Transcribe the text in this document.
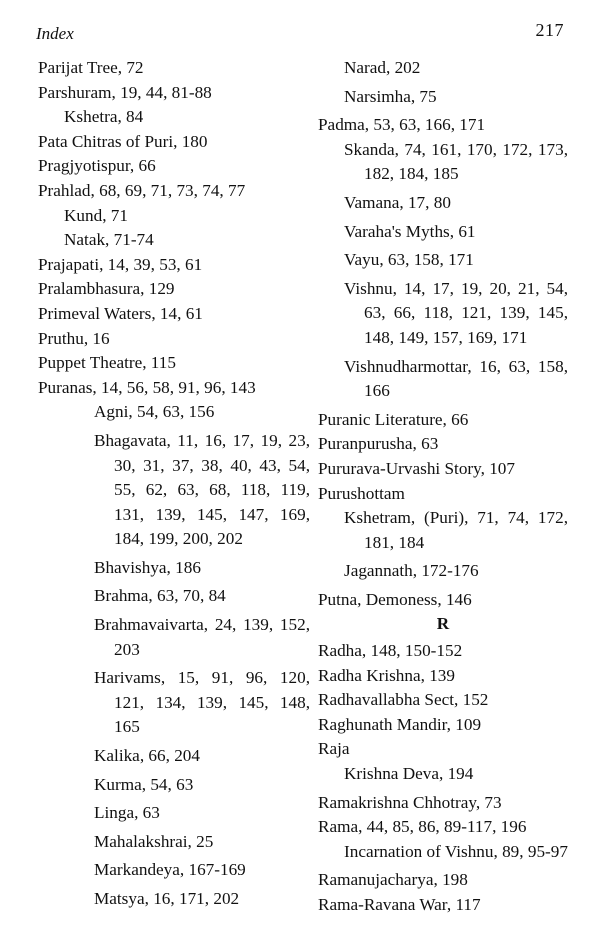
Index	217
Parijat Tree, 72
Parshuram, 19, 44, 81-88
Kshetra, 84
Pata Chitras of Puri, 180
Pragjyotispur, 66
Prahlad, 68, 69, 71, 73, 74, 77
Kund, 71
Natak, 71-74
Prajapati, 14, 39, 53, 61
Pralambhasura, 129
Primeval Waters, 14, 61
Pruthu, 16
Puppet Theatre, 115
Puranas, 14, 56, 58, 91, 96, 143
Agni, 54, 63, 156
Bhagavata, 11, 16, 17, 19, 23, 30, 31, 37, 38, 40, 43, 54, 55, 62, 63, 68, 118, 119, 131, 139, 145, 147, 169, 184, 199, 200, 202
Bhavishya, 186
Brahma, 63, 70, 84
Brahmavaivarta, 24, 139, 152, 203
Harivams, 15, 91, 96, 120, 121, 134, 139, 145, 148, 165
Kalika, 66, 204
Kurma, 54, 63
Linga, 63
Mahalakshrai, 25
Markandeya, 167-169
Matsya, 16, 171, 202
Narad, 202
Narsimha, 75
Padma, 53, 63, 166, 171
Skanda, 74, 161, 170, 172, 173, 182, 184, 185
Vamana, 17, 80
Varaha's Myths, 61
Vayu, 63, 158, 171
Vishnu, 14, 17, 19, 20, 21, 54, 63, 66, 118, 121, 139, 145, 148, 149, 157, 169, 171
Vishnudharmottar, 16, 63, 158, 166
Puranic Literature, 66
Puranpurusha, 63
Pururava-Urvashi Story, 107
Purushottam
Kshetram, (Puri), 71, 74, 172, 181, 184
Jagannath, 172-176
Putna, Demoness, 146
R
Radha, 148, 150-152
Radha Krishna, 139
Radhavallabha Sect, 152
Raghunath Mandir, 109
Raja
Krishna Deva, 194
Ramakrishna Chhotray, 73
Rama, 44, 85, 86, 89-117, 196
Incarnation of Vishnu, 89, 95-97
Ramanujacharya, 198
Rama-Ravana War, 117
